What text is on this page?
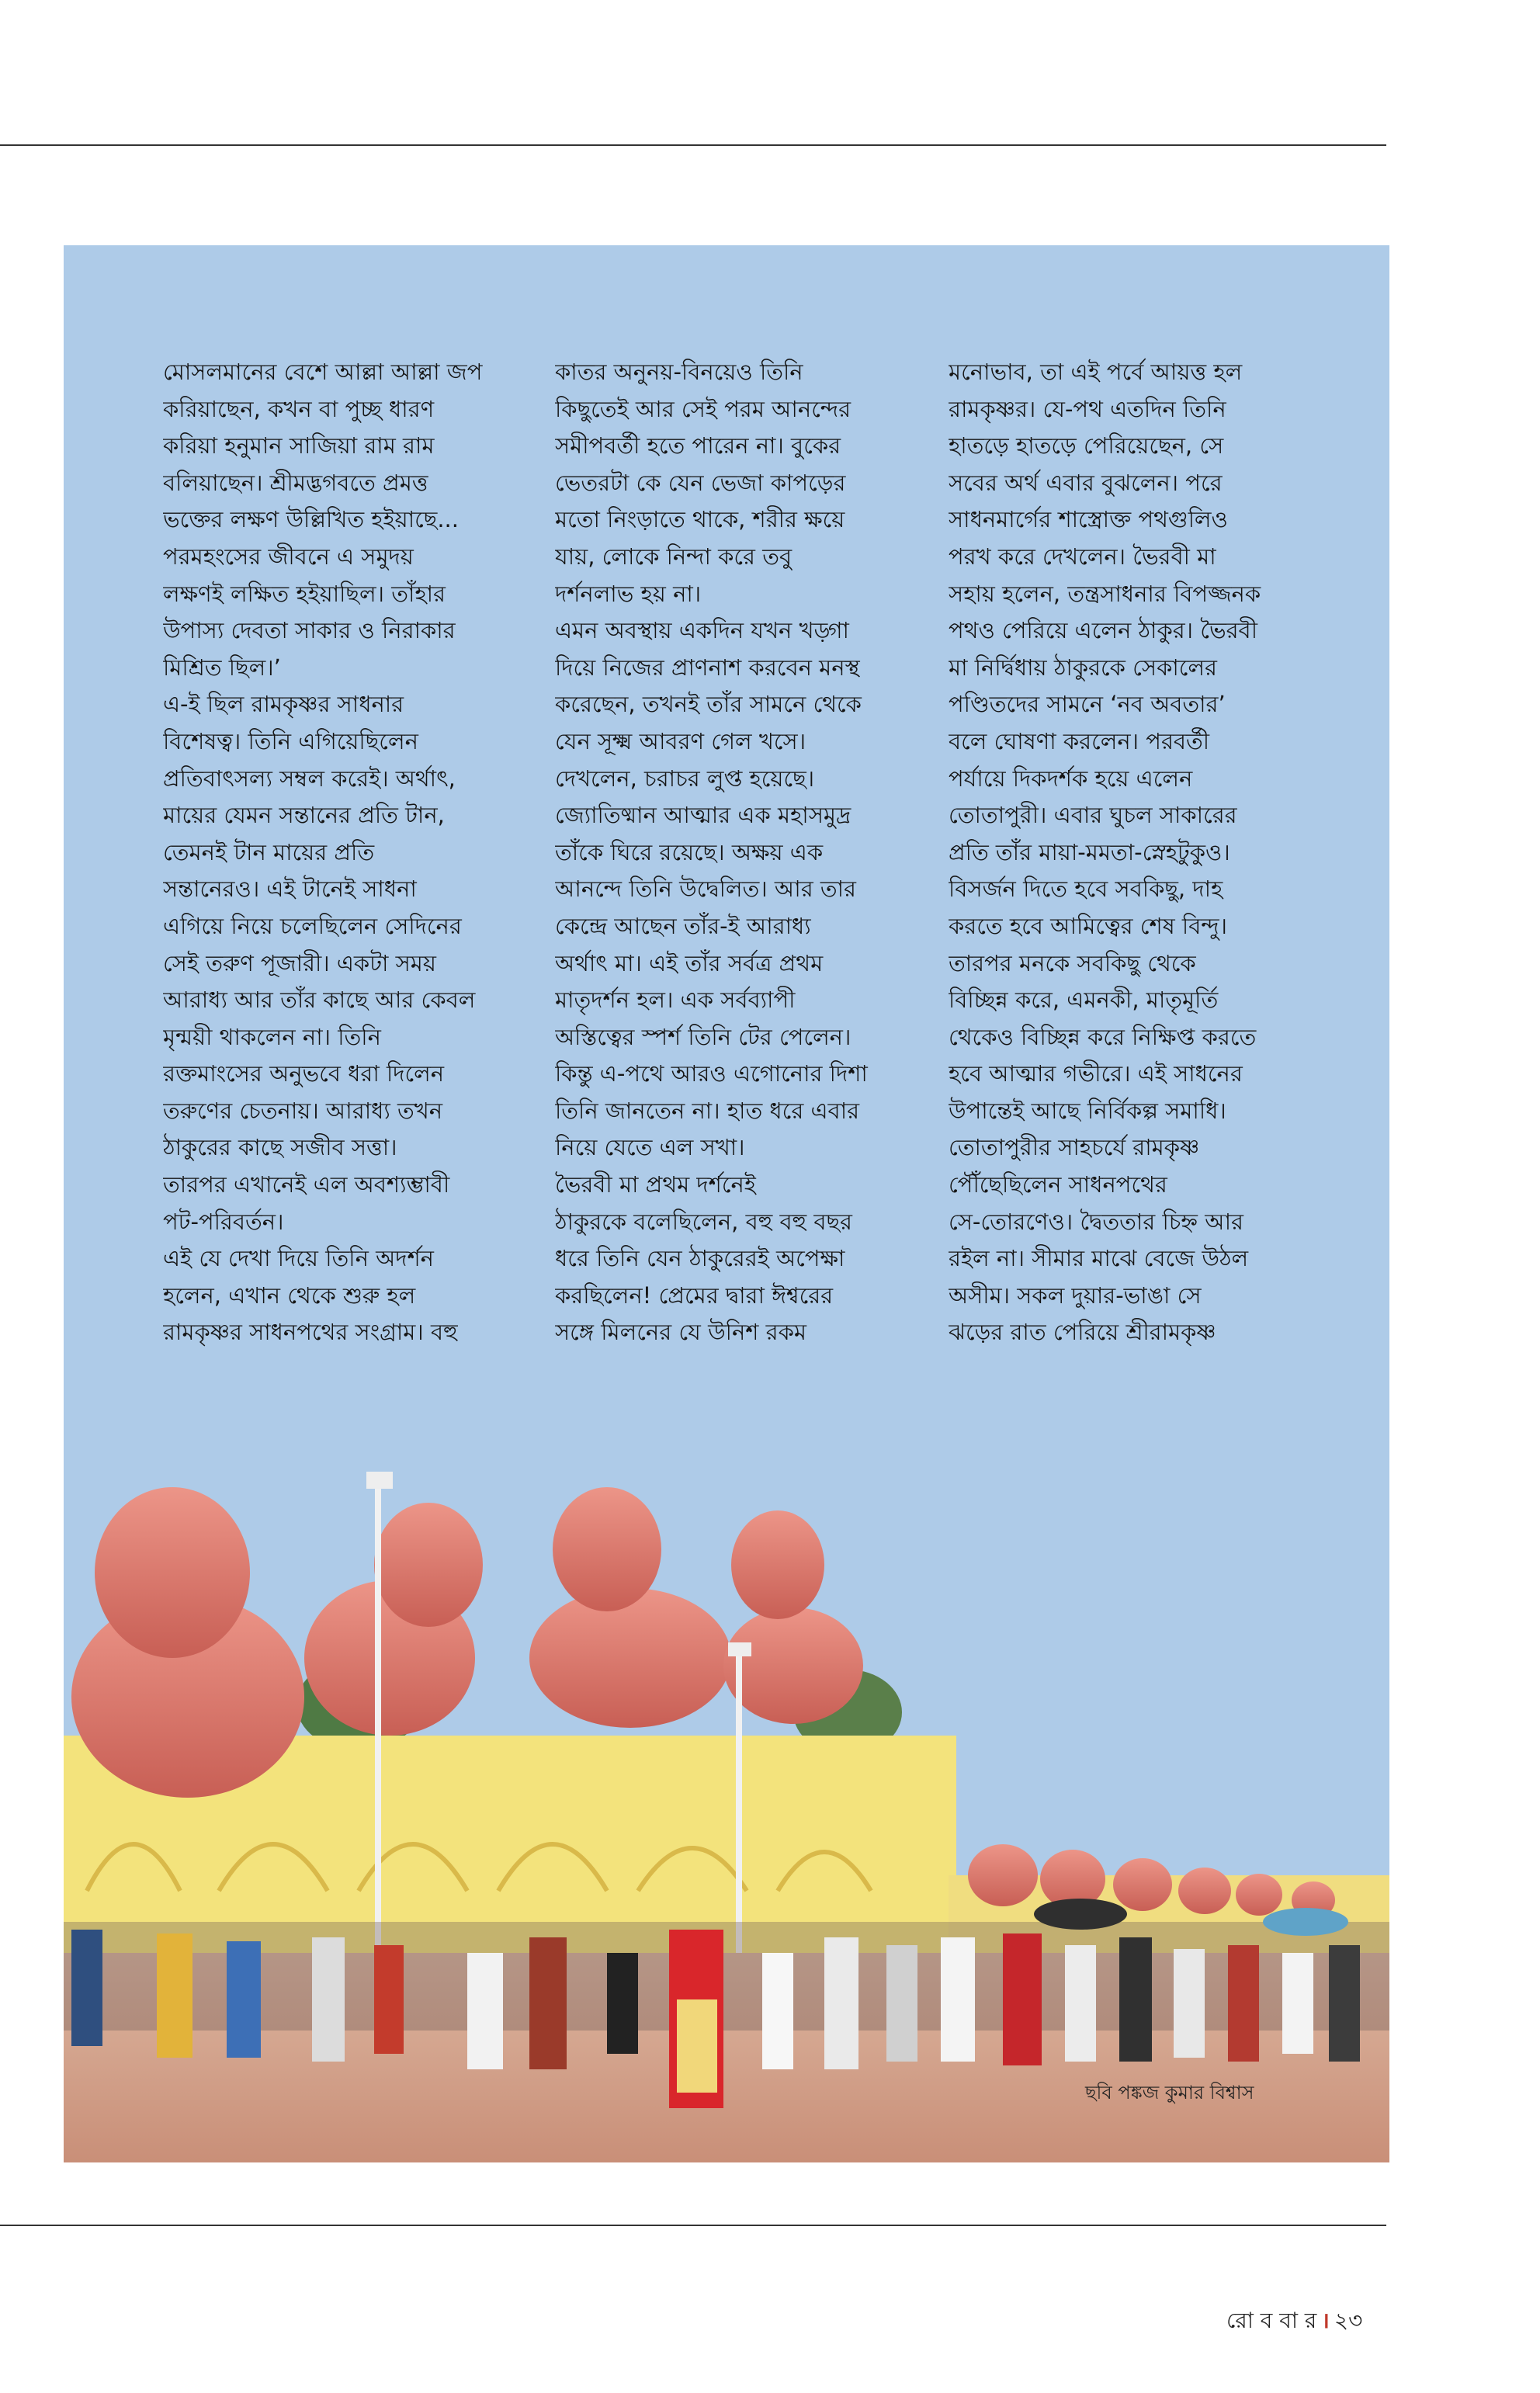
মোসলমানের বেশে আল্লা আল্লা জপ
করিয়াছেন, কখন বা পুচ্ছ ধারণ
করিয়া হনুমান সাজিয়া রাম রাম
বলিয়াছেন। শ্রীমদ্ভগবতে প্রমত্ত
ভক্তের লক্ষণ উল্লিখিত হইয়াছে...
পরমহংসের জীবনে এ সমুদয়
লক্ষণই লক্ষিত হইয়াছিল। তাঁহার
উপাস্য দেবতা সাকার ও নিরাকার
মিশ্রিত ছিল।’
এ-ই ছিল রামকৃষ্ণর সাধনার
বিশেষত্ব। তিনি এগিয়েছিলেন
প্রতিবাৎসল্য সম্বল করেই। অর্থাৎ,
মায়ের যেমন সন্তানের প্রতি টান,
তেমনই টান মায়ের প্রতি
সন্তানেরও। এই টানেই সাধনা
এগিয়ে নিয়ে চলেছিলেন সেদিনের
সেই তরুণ পূজারী। একটা সময়
আরাধ্য আর তাঁর কাছে আর কেবল
মৃন্ময়ী থাকলেন না। তিনি
রক্তমাংসের অনুভবে ধরা দিলেন
তরুণের চেতনায়। আরাধ্য তখন
ঠাকুরের কাছে সজীব সত্তা।
তারপর এখানেই এল অবশ্যম্ভাবী
পট-পরিবর্তন।
এই যে দেখা দিয়ে তিনি অদর্শন
হলেন, এখান থেকে শুরু হল
রামকৃষ্ণর সাধনপথের সংগ্রাম। বহু
কাতর অনুনয়-বিনয়েও তিনি
কিছুতেই আর সেই পরম আনন্দের
সমীপবর্তী হতে পারেন না। বুকের
ভেতরটা কে যেন ভেজা কাপড়ের
মতো নিংড়াতে থাকে, শরীর ক্ষয়ে
যায়, লোকে নিন্দা করে তবু
দর্শনলাভ হয় না।
এমন অবস্থায় একদিন যখন খড়্গা
দিয়ে নিজের প্রাণনাশ করবেন মনস্থ
করেছেন, তখনই তাঁর সামনে থেকে
যেন সূক্ষ্ম আবরণ গেল খসে।
দেখলেন, চরাচর লুপ্ত হয়েছে।
জ্যোতিষ্মান আত্মার এক মহাসমুদ্র
তাঁকে ঘিরে রয়েছে। অক্ষয় এক
আনন্দে তিনি উদ্বেলিত। আর তার
কেন্দ্রে আছেন তাঁর-ই আরাধ্য
অর্থাৎ মা। এই তাঁর সর্বত্র প্রথম
মাতৃদর্শন হল। এক সর্বব্যাপী
অস্তিত্বের স্পর্শ তিনি টের পেলেন।
কিন্তু এ-পথে আরও এগোনোর দিশা
তিনি জানতেন না। হাত ধরে এবার
নিয়ে যেতে এল সখা।
ভৈরবী মা প্রথম দর্শনেই
ঠাকুরকে বলেছিলেন, বহু বহু বছর
ধরে তিনি যেন ঠাকুরেরই অপেক্ষা
করছিলেন! প্রেমের দ্বারা ঈশ্বরের
সঙ্গে মিলনের যে উনিশ রকম
মনোভাব, তা এই পর্বে আয়ত্ত হল
রামকৃষ্ণর। যে-পথ এতদিন তিনি
হাতড়ে হাতড়ে পেরিয়েছেন, সে
সবের অর্থ এবার বুঝলেন। পরে
সাধনমার্গের শাস্ত্রোক্ত পথগুলিও
পরখ করে দেখলেন। ভৈরবী মা
সহায় হলেন, তন্ত্রসাধনার বিপজ্জনক
পথও পেরিয়ে এলেন ঠাকুর। ভৈরবী
মা নির্দ্বিধায় ঠাকুরকে সেকালের
পণ্ডিতদের সামনে ‘নব অবতার’
বলে ঘোষণা করলেন। পরবর্তী
পর্যায়ে দিকদর্শক হয়ে এলেন
তোতাপুরী। এবার ঘুচল সাকারের
প্রতি তাঁর মায়া-মমতা-স্নেহটুকুও।
বিসর্জন দিতে হবে সবকিছু, দাহ
করতে হবে আমিত্বের শেষ বিন্দু।
তারপর মনকে সবকিছু থেকে
বিচ্ছিন্ন করে, এমনকী, মাতৃমূর্তি
থেকেও বিচ্ছিন্ন করে নিক্ষিপ্ত করতে
হবে আত্মার গভীরে। এই সাধনের
উপান্তেই আছে নির্বিকল্প সমাধি।
তোতাপুরীর সাহচর্যে রামকৃষ্ণ
পৌঁছেছিলেন সাধনপথের
সে-তোরণেও। দ্বৈততার চিহ্ন আর
রইল না। সীমার মাঝে বেজে উঠল
অসীম। সকল দুয়ার-ভাঙা সে
ঝড়ের রাত পেরিয়ে শ্রীরামকৃষ্ণ
ছবি পঙ্কজ কুমার বিশ্বাস
রো ব বা র । ২৩
